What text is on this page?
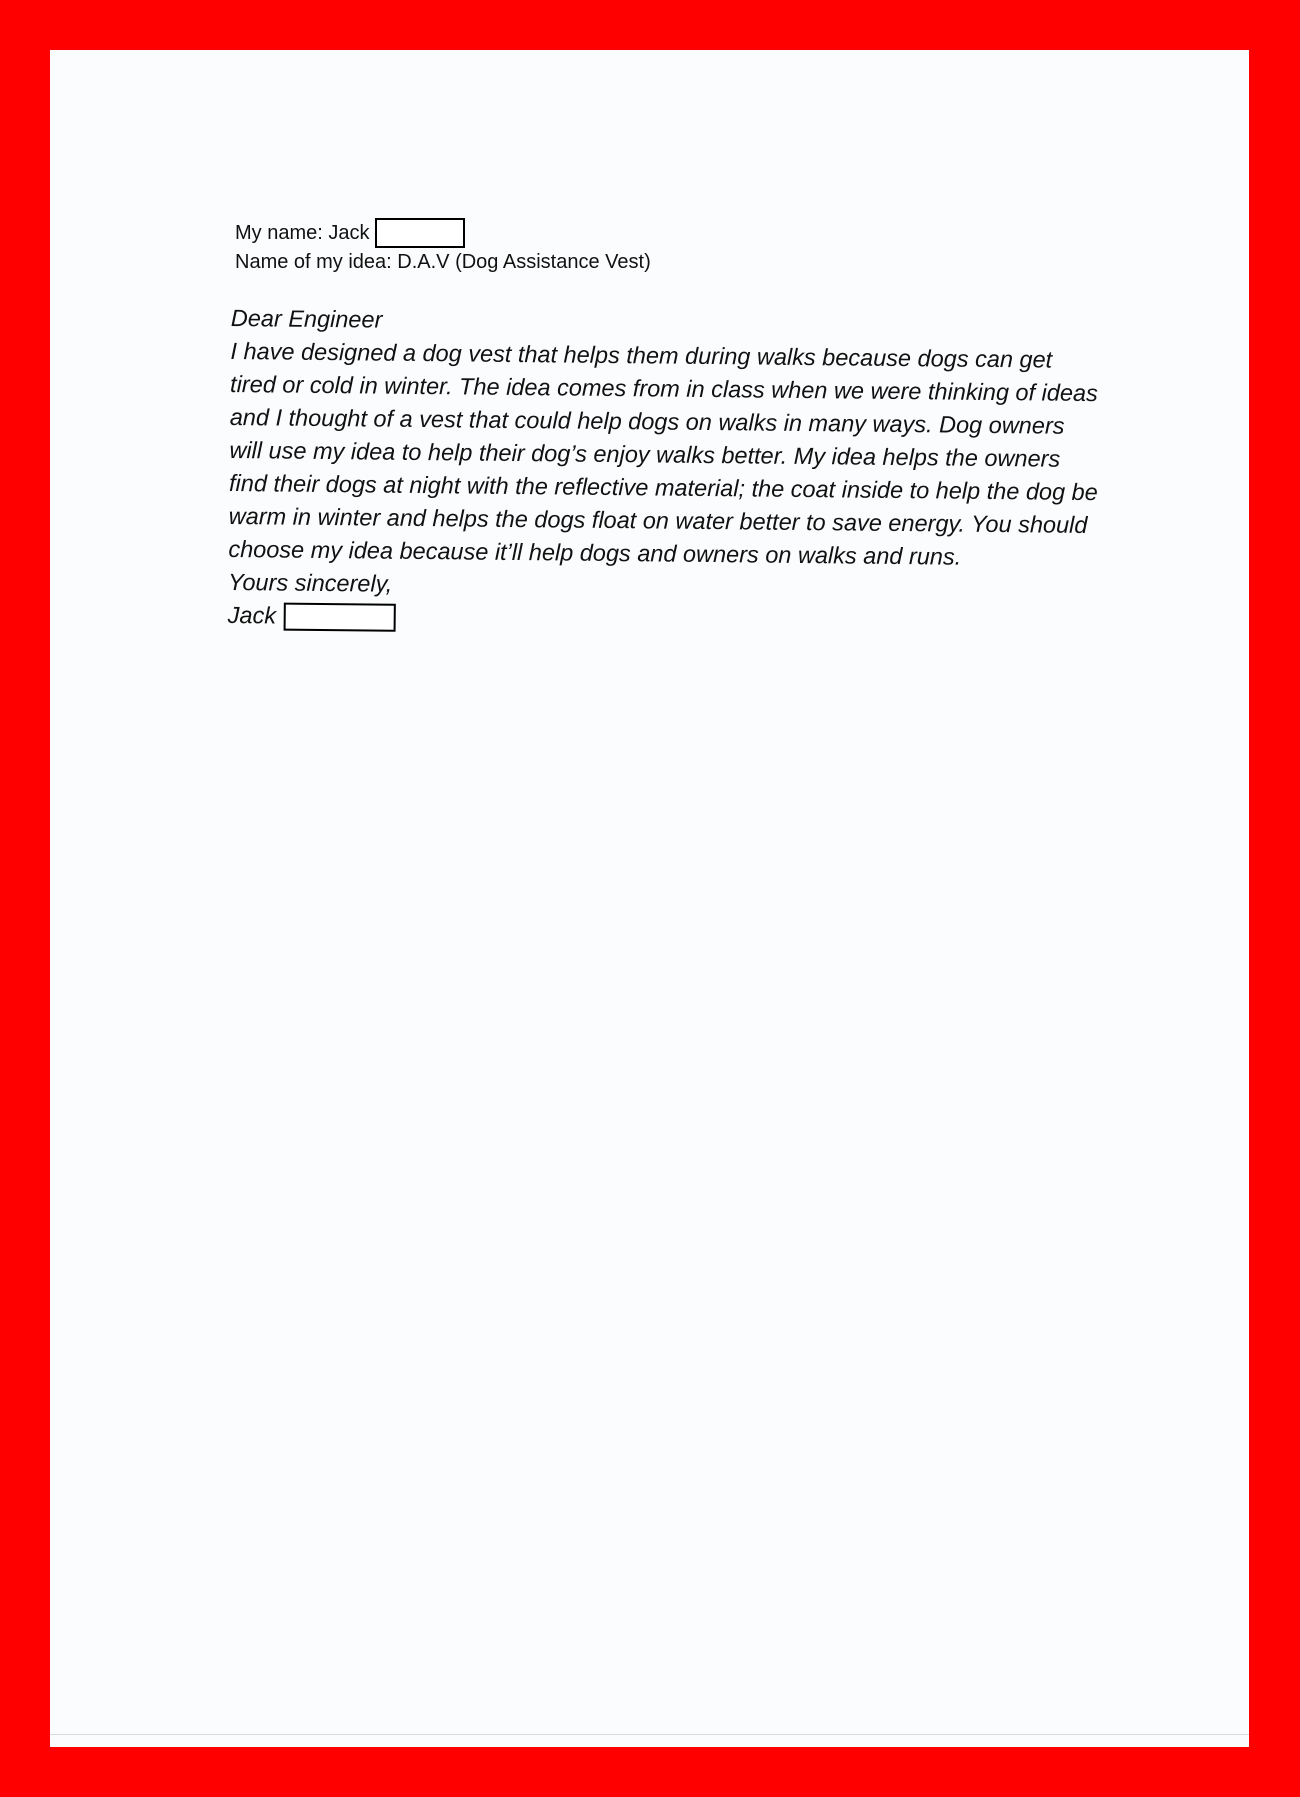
My name: Jack
Name of my idea: D.A.V (Dog Assistance Vest)

Dear Engineer

I have designed a dog vest that helps them during walks because dogs can get tired or cold in winter. The idea comes from in class when we were thinking of ideas and I thought of a vest that could help dogs on walks in many ways. Dog owners will use my idea to help their dog’s enjoy walks better. My idea helps the owners find their dogs at night with the reflective material; the coat inside to help the dog be warm in winter and helps the dogs float on water better to save energy. You should choose my idea because it’ll help dogs and owners on walks and runs.

Yours sincerely,

Jack
